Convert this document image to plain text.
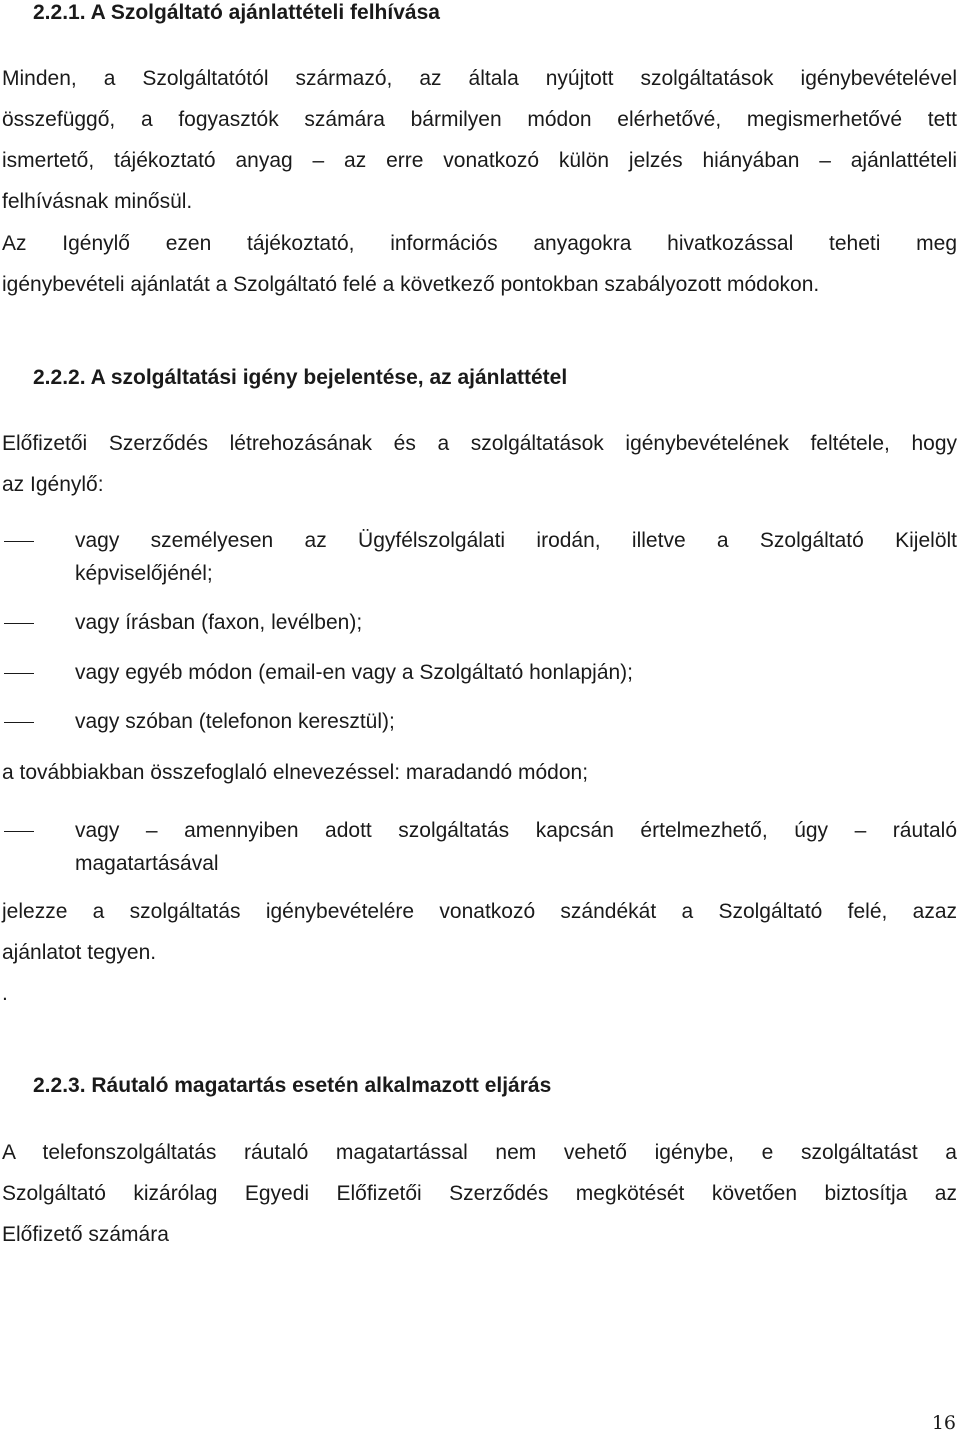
2.2.1. A Szolgáltató ajánlattételi felhívása
Minden, a Szolgáltatótól származó, az általa nyújtott szolgáltatások igénybevételével
összefüggő, a fogyasztók számára bármilyen módon elérhetővé, megismerhetővé tett
ismertető, tájékoztató anyag – az erre vonatkozó külön jelzés hiányában – ajánlattételi
felhívásnak minősül.
Az Igénylő ezen tájékoztató, információs anyagokra hivatkozással teheti meg
igénybevételi ajánlatát a Szolgáltató felé a következő pontokban szabályozott módokon.
2.2.2. A szolgáltatási igény bejelentése, az ajánlattétel
Előfizetői Szerződés létrehozásának és a szolgáltatások igénybevételének feltétele, hogy
az Igénylő:
vagy személyesen az Ügyfélszolgálati irodán, illetve a Szolgáltató Kijelölt
képviselőjénél;
vagy írásban (faxon, levélben);
vagy egyéb módon (email-en vagy a Szolgáltató honlapján);
vagy szóban (telefonon keresztül);
a továbbiakban összefoglaló elnevezéssel: maradandó módon;
vagy – amennyiben adott szolgáltatás kapcsán értelmezhető, úgy – ráutaló
magatartásával
jelezze a szolgáltatás igénybevételére vonatkozó szándékát a Szolgáltató felé, azaz
ajánlatot tegyen.
.
2.2.3. Ráutaló magatartás esetén alkalmazott eljárás
A telefonszolgáltatás ráutaló magatartással nem vehető igénybe, e szolgáltatást a
Szolgáltató kizárólag Egyedi Előfizetői Szerződés megkötését követően biztosítja az
Előfizető számára
16
